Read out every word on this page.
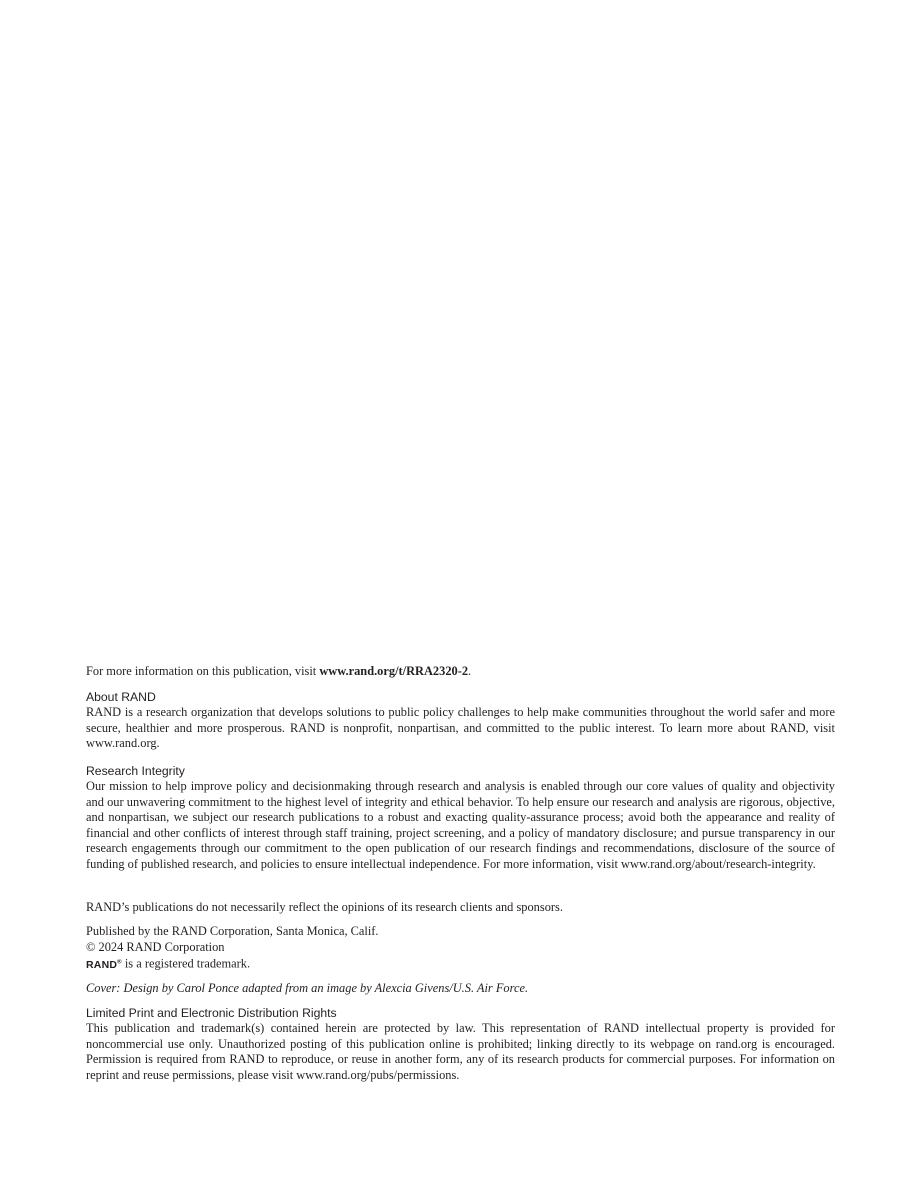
For more information on this publication, visit www.rand.org/t/RRA2320-2.

About RAND

RAND is a research organization that develops solutions to public policy challenges to help make communities throughout the world safer and more secure, healthier and more prosperous. RAND is nonprofit, nonpartisan, and committed to the public interest. To learn more about RAND, visit www.rand.org.

Research Integrity

Our mission to help improve policy and decisionmaking through research and analysis is enabled through our core values of quality and objectivity and our unwavering commitment to the highest level of integrity and ethical behavior. To help ensure our research and analysis are rigorous, objective, and nonpartisan, we subject our research publications to a robust and exacting quality-assurance process; avoid both the appearance and reality of financial and other conflicts of interest through staff training, project screening, and a policy of mandatory disclosure; and pursue transparency in our research engagements through our commitment to the open publication of our research findings and recommendations, disclosure of the source of funding of published research, and policies to ensure intellectual independence. For more information, visit www.rand.org/about/research-integrity.

RAND’s publications do not necessarily reflect the opinions of its research clients and sponsors.

Published by the RAND Corporation, Santa Monica, Calif.
© 2024 RAND Corporation
RAND® is a registered trademark.

Cover: Design by Carol Ponce adapted from an image by Alexcia Givens/U.S. Air Force.

Limited Print and Electronic Distribution Rights

This publication and trademark(s) contained herein are protected by law. This representation of RAND intellectual property is provided for noncommercial use only. Unauthorized posting of this publication online is prohibited; linking directly to its webpage on rand.org is encouraged. Permission is required from RAND to reproduce, or reuse in another form, any of its research products for commercial purposes. For information on reprint and reuse permissions, please visit www.rand.org/pubs/permissions.
